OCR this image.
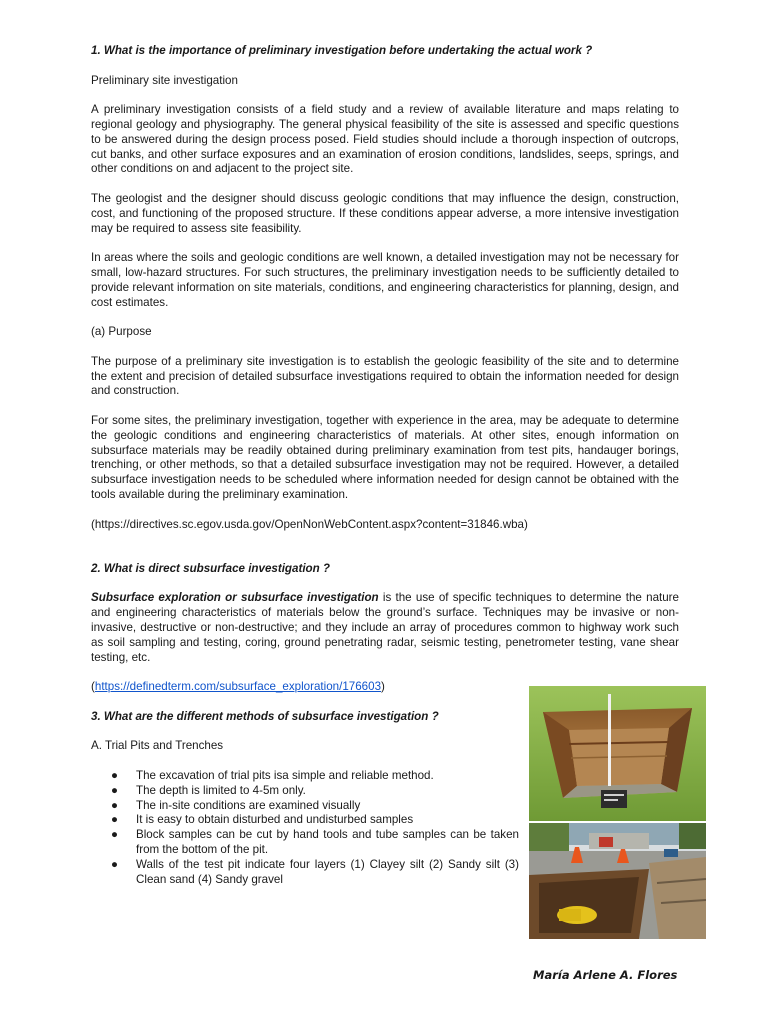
1. What is the importance of preliminary investigation before undertaking the actual work ?

Preliminary site investigation

A preliminary investigation consists of a field study and a review of available literature and maps relating to regional geology and physiography. The general physical feasibility of the site is assessed and specific questions to be answered during the design process posed. Field studies should include a thorough inspection of outcrops, cut banks, and other surface exposures and an examination of erosion conditions, landslides, seeps, springs, and other conditions on and adjacent to the project site.

The geologist and the designer should discuss geologic conditions that may influence the design, construction, cost, and functioning of the proposed structure. If these conditions appear adverse, a more intensive investigation may be required to assess site feasibility.

In areas where the soils and geologic conditions are well known, a detailed investigation may not be necessary for small, low-hazard structures. For such structures, the preliminary investigation needs to be sufficiently detailed to provide relevant information on site materials, conditions, and engineering characteristics for planning, design, and cost estimates.

(a) Purpose

The purpose of a preliminary site investigation is to establish the geologic feasibility of the site and to determine the extent and precision of detailed subsurface investigations required to obtain the information needed for design and construction.

For some sites, the preliminary investigation, together with experience in the area, may be adequate to determine the geologic conditions and engineering characteristics of materials. At other sites, enough information on subsurface materials may be readily obtained during preliminary examination from test pits, handauger borings, trenching, or other methods, so that a detailed subsurface investigation may not be required. However, a detailed subsurface investigation needs to be scheduled where information needed for design cannot be obtained with the tools available during the preliminary examination.

(https://directives.sc.egov.usda.gov/OpenNonWebContent.aspx?content=31846.wba)

2. What is direct subsurface investigation ?

Subsurface exploration or subsurface investigation is the use of specific techniques to determine the nature and engineering characteristics of materials below the ground’s surface. Techniques may be invasive or non-invasive, destructive or non-destructive; and they include an array of procedures common to highway work such as soil sampling and testing, coring, ground penetrating radar, seismic testing, penetrometer testing, vane shear testing, etc.

(https://definedterm.com/subsurface_exploration/176603)

3. What are the different methods of subsurface investigation ?

A. Trial Pits and Trenches

● The excavation of trial pits isa simple and reliable method.
● The depth is limited to 4-5m only.
● The in-site conditions are examined visually
● It is easy to obtain disturbed and undisturbed samples
● Block samples can be cut by hand tools and tube samples can be taken from the bottom of the pit.
● Walls of the test pit indicate four layers (1) Clayey silt (2) Sandy silt (3) Clean sand (4) Sandy gravel
María Arlene A. Flores
